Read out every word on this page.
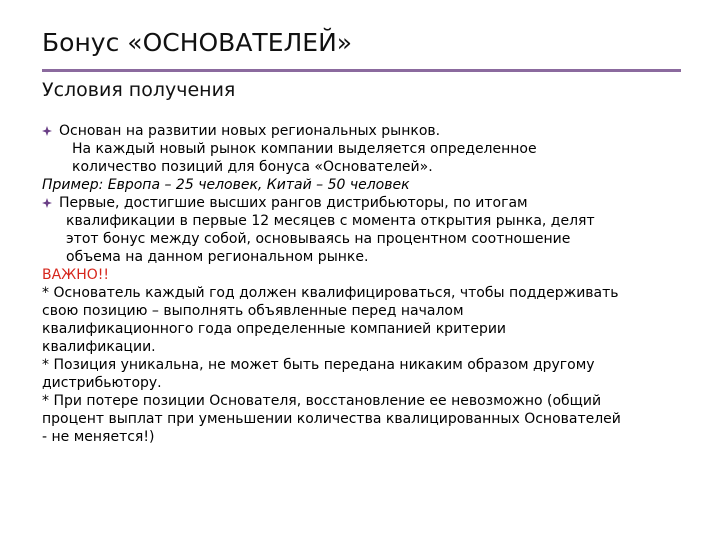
Бонус «ОСНОВАТЕЛЕЙ»
Условия получения
Основан на развитии новых региональных рынков.
На каждый новый рынок компании выделяется определенное
количество позиций для бонуса «Основателей».
Пример: Европа – 25 человек, Китай – 50 человек
Первые, достигшие высших рангов дистрибьюторы, по итогам
квалификации в первые 12 месяцев с момента открытия рынка, делят
этот бонус между собой, основываясь на процентном соотношение
объема на данном региональном рынке.
ВАЖНО!!
* Основатель каждый год должен квалифицироваться, чтобы поддерживать
свою позицию – выполнять объявленные перед началом
квалификационного года определенные компанией критерии
квалификации.
* Позиция уникальна, не может быть передана никаким образом другому
дистрибьютору.
* При потере позиции Основателя, восстановление ее невозможно (общий
процент выплат при уменьшении количества квалицированных Основателей
- не меняется!)
